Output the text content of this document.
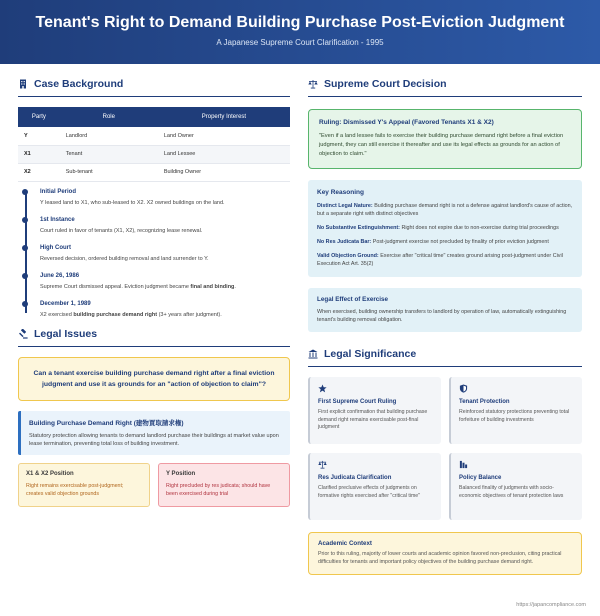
Tenant's Right to Demand Building Purchase Post-Eviction Judgment
A Japanese Supreme Court Clarification - 1995
Case Background
Party	Role	Property Interest
Y	Landlord	Land Owner
X1	Tenant	Land Lessee
X2	Sub-tenant	Building Owner
Initial Period
Y leased land to X1, who sub-leased to X2. X2 owned buildings on the land.
1st Instance
Court ruled in favor of tenants (X1, X2), recognizing lease renewal.
High Court
Reversed decision, ordered building removal and land surrender to Y.
June 26, 1986
Supreme Court dismissed appeal. Eviction judgment became final and binding.
December 1, 1989
X2 exercised building purchase demand right (3+ years after judgment).
Legal Issues
Can a tenant exercise building purchase demand right after a final eviction judgment and use it as grounds for an "action of objection to claim"?
Building Purchase Demand Right (建物買取請求権)
Statutory protection allowing tenants to demand landlord purchase their buildings at market value upon lease termination, preventing total loss of building investment.
X1 & X2 Position
Right remains exercisable post-judgment; creates valid objection grounds
Y Position
Right precluded by res judicata; should have been exercised during trial
Supreme Court Decision
Ruling: Dismissed Y's Appeal (Favored Tenants X1 & X2)
"Even if a land lessee fails to exercise their building purchase demand right before a final eviction judgment, they can still exercise it thereafter and use its legal effects as grounds for an action of objection to claim."
Key Reasoning
Distinct Legal Nature: Building purchase demand right is not a defense against landlord's cause of action, but a separate right with distinct objectives
No Substantive Extinguishment: Right does not expire due to non-exercise during trial proceedings
No Res Judicata Bar: Post-judgment exercise not precluded by finality of prior eviction judgment
Valid Objection Ground: Exercise after "critical time" creates ground arising post-judgment under Civil Execution Act Art. 35(2)
Legal Effect of Exercise
When exercised, building ownership transfers to landlord by operation of law, automatically extinguishing tenant's building removal obligation.
Legal Significance
First Supreme Court Ruling
First explicit confirmation that building purchase demand right remains exercisable post-final judgment
Tenant Protection
Reinforced statutory protections preventing total forfeiture of building investments
Res Judicata Clarification
Clarified preclusive effects of judgments on formative rights exercised after "critical time"
Policy Balance
Balanced finality of judgments with socio-economic objectives of tenant protection laws
Academic Context
Prior to this ruling, majority of lower courts and academic opinion favored non-preclusion, citing practical difficulties for tenants and important policy objectives of the building purchase demand right.
https://japancompliance.com
